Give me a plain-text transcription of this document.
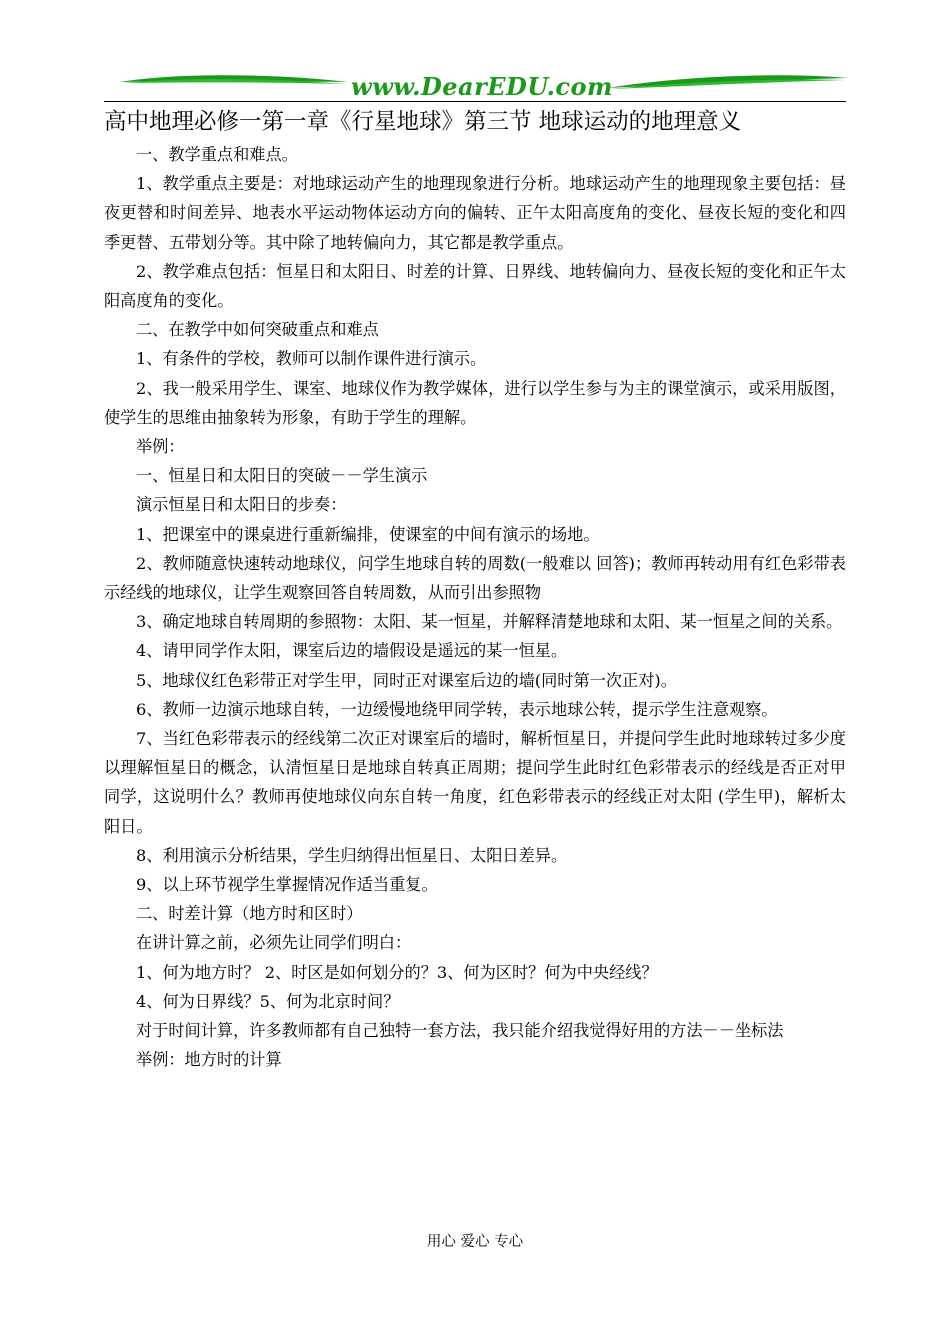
www.DearEDU.com
高中地理必修一第一章《行星地球》第三节 地球运动的地理意义

一、教学重点和难点。

1、教学重点主要是：对地球运动产生的地理现象进行分析。地球运动产生的地理现象主要包括：昼夜更替和时间差异、地表水平运动物体运动方向的偏转、正午太阳高度角的变化、昼夜长短的变化和四季更替、五带划分等。其中除了地转偏向力，其它都是教学重点。

2、教学难点包括：恒星日和太阳日、时差的计算、日界线、地转偏向力、昼夜长短的变化和正午太阳高度角的变化。

二、在教学中如何突破重点和难点

1、有条件的学校，教师可以制作课件进行演示。

2、我一般采用学生、课室、地球仪作为教学媒体，进行以学生参与为主的课堂演示，或采用版图，使学生的思维由抽象转为形象，有助于学生的理解。

举例：

一、恒星日和太阳日的突破－－学生演示

演示恒星日和太阳日的步奏：

1、把课室中的课桌进行重新编排，使课室的中间有演示的场地。

2、教师随意快速转动地球仪，问学生地球自转的周数(一般难以 回答)；教师再转动用有红色彩带表示经线的地球仪，让学生观察回答自转周数，从而引出参照物

3、确定地球自转周期的参照物：太阳、某一恒星，并解释清楚地球和太阳、某一恒星之间的关系。

4、请甲同学作太阳，课室后边的墙假设是遥远的某一恒星。

5、地球仪红色彩带正对学生甲，同时正对课室后边的墙(同时第一次正对)。

6、教师一边演示地球自转，一边缓慢地绕甲同学转，表示地球公转，提示学生注意观察。

7、当红色彩带表示的经线第二次正对课室后的墙时，解析恒星日，并提问学生此时地球转过多少度以理解恒星日的概念，认清恒星日是地球自转真正周期；提问学生此时红色彩带表示的经线是否正对甲同学，这说明什么？教师再使地球仪向东自转一角度，红色彩带表示的经线正对太阳 (学生甲)，解析太阳日。

8、利用演示分析结果，学生归纳得出恒星日、太阳日差异。

9、以上环节视学生掌握情况作适当重复。

二、时差计算（地方时和区时）

在讲计算之前，必须先让同学们明白：

1、何为地方时？ 2、时区是如何划分的？3、何为区时？何为中央经线？

4、何为日界线？5、何为北京时间？

对于时间计算，许多教师都有自己独特一套方法，我只能介绍我觉得好用的方法－－坐标法

举例：地方时的计算

用心 爱心 专心
